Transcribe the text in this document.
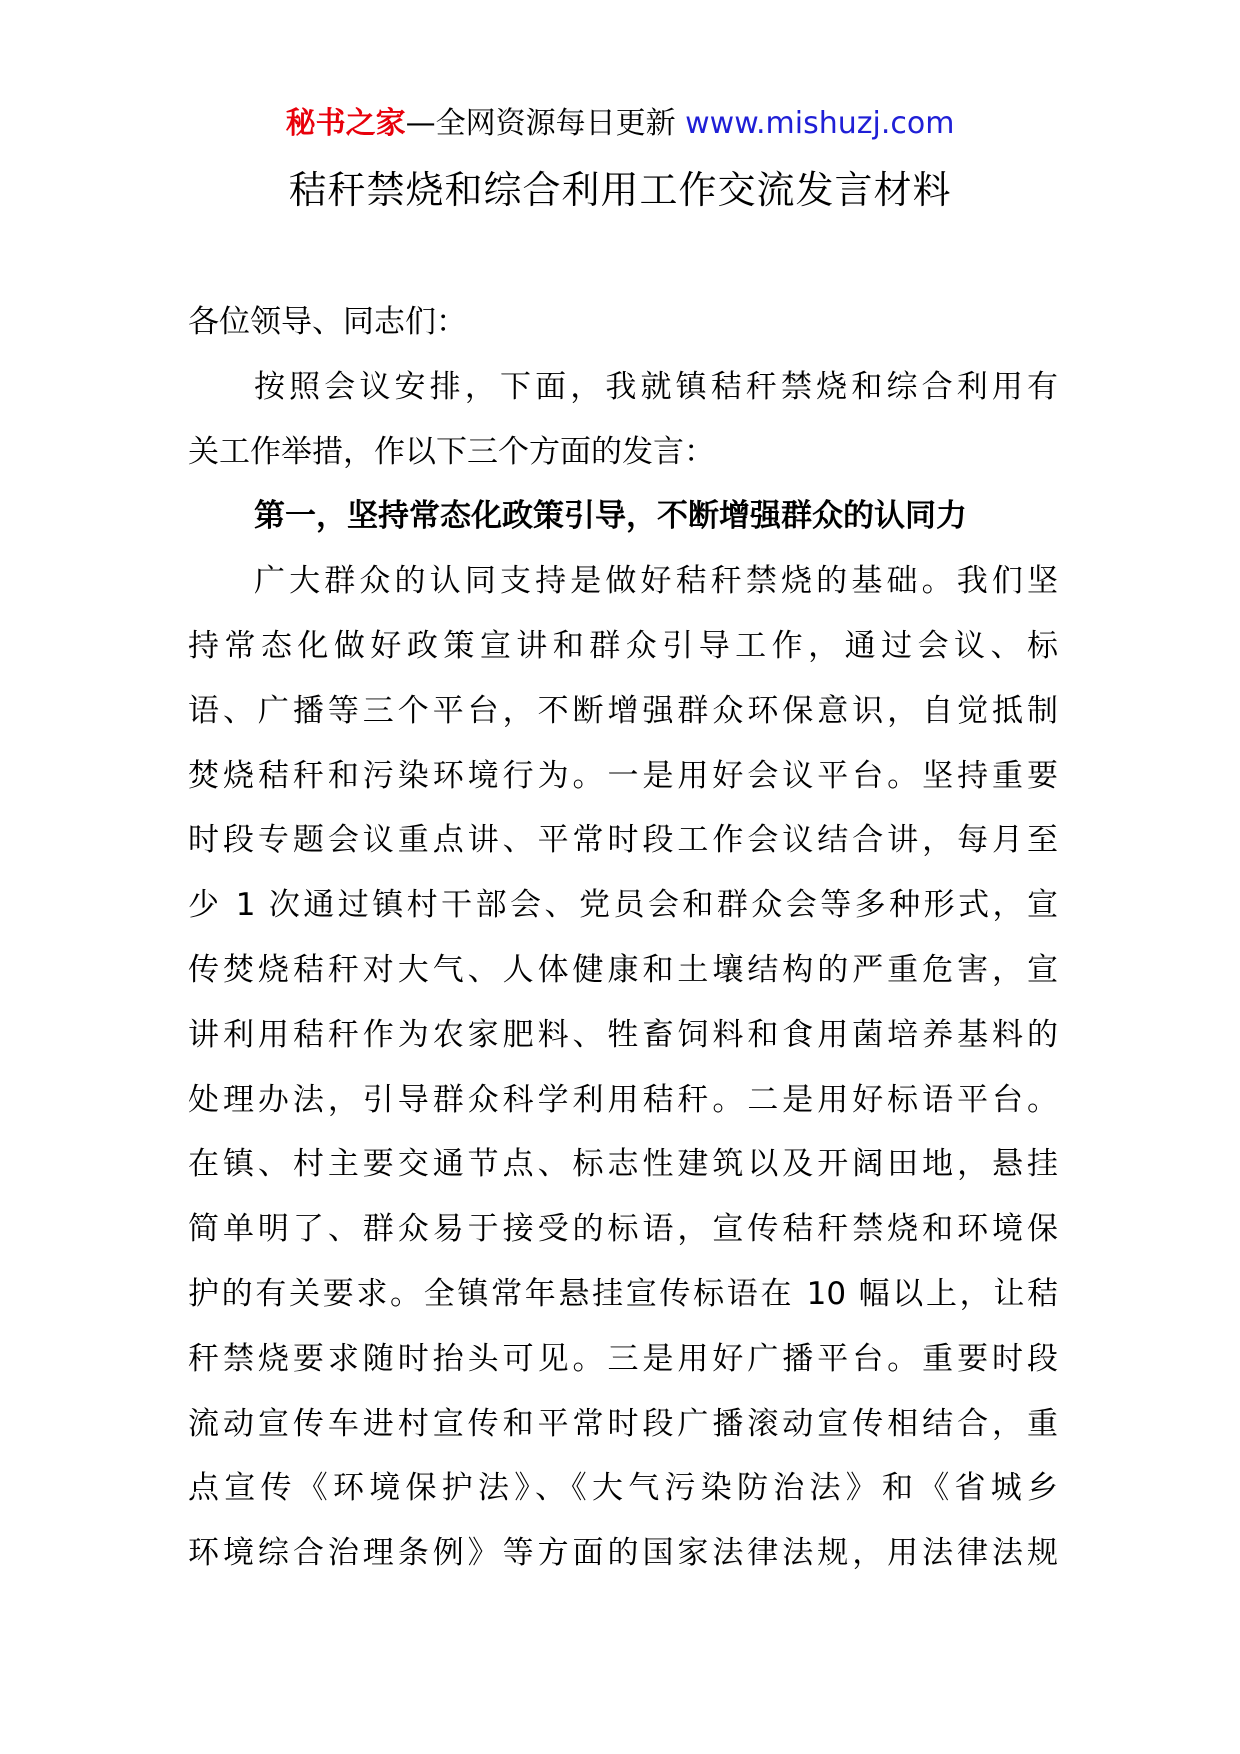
秘书之家—全网资源每日更新 www.mishuzj.com
秸秆禁烧和综合利用工作交流发言材料
各位领导、同志们：
按照会议安排，下面，我就镇秸秆禁烧和综合利用有
关工作举措，作以下三个方面的发言：
第一，坚持常态化政策引导，不断增强群众的认同力
广大群众的认同支持是做好秸秆禁烧的基础。我们坚
持常态化做好政策宣讲和群众引导工作，通过会议、标
语、广播等三个平台，不断增强群众环保意识，自觉抵制
焚烧秸秆和污染环境行为。一是用好会议平台。坚持重要
时段专题会议重点讲、平常时段工作会议结合讲，每月至
少 1 次通过镇村干部会、党员会和群众会等多种形式，宣
传焚烧秸秆对大气、人体健康和土壤结构的严重危害，宣
讲利用秸秆作为农家肥料、牲畜饲料和食用菌培养基料的
处理办法，引导群众科学利用秸秆。二是用好标语平台。
在镇、村主要交通节点、标志性建筑以及开阔田地，悬挂
简单明了、群众易于接受的标语，宣传秸秆禁烧和环境保
护的有关要求。全镇常年悬挂宣传标语在 10 幅以上，让秸
秆禁烧要求随时抬头可见。三是用好广播平台。重要时段
流动宣传车进村宣传和平常时段广播滚动宣传相结合，重
点宣传《环境保护法》、《大气污染防治法》和《省城乡
环境综合治理条例》等方面的国家法律法规，用法律法规
